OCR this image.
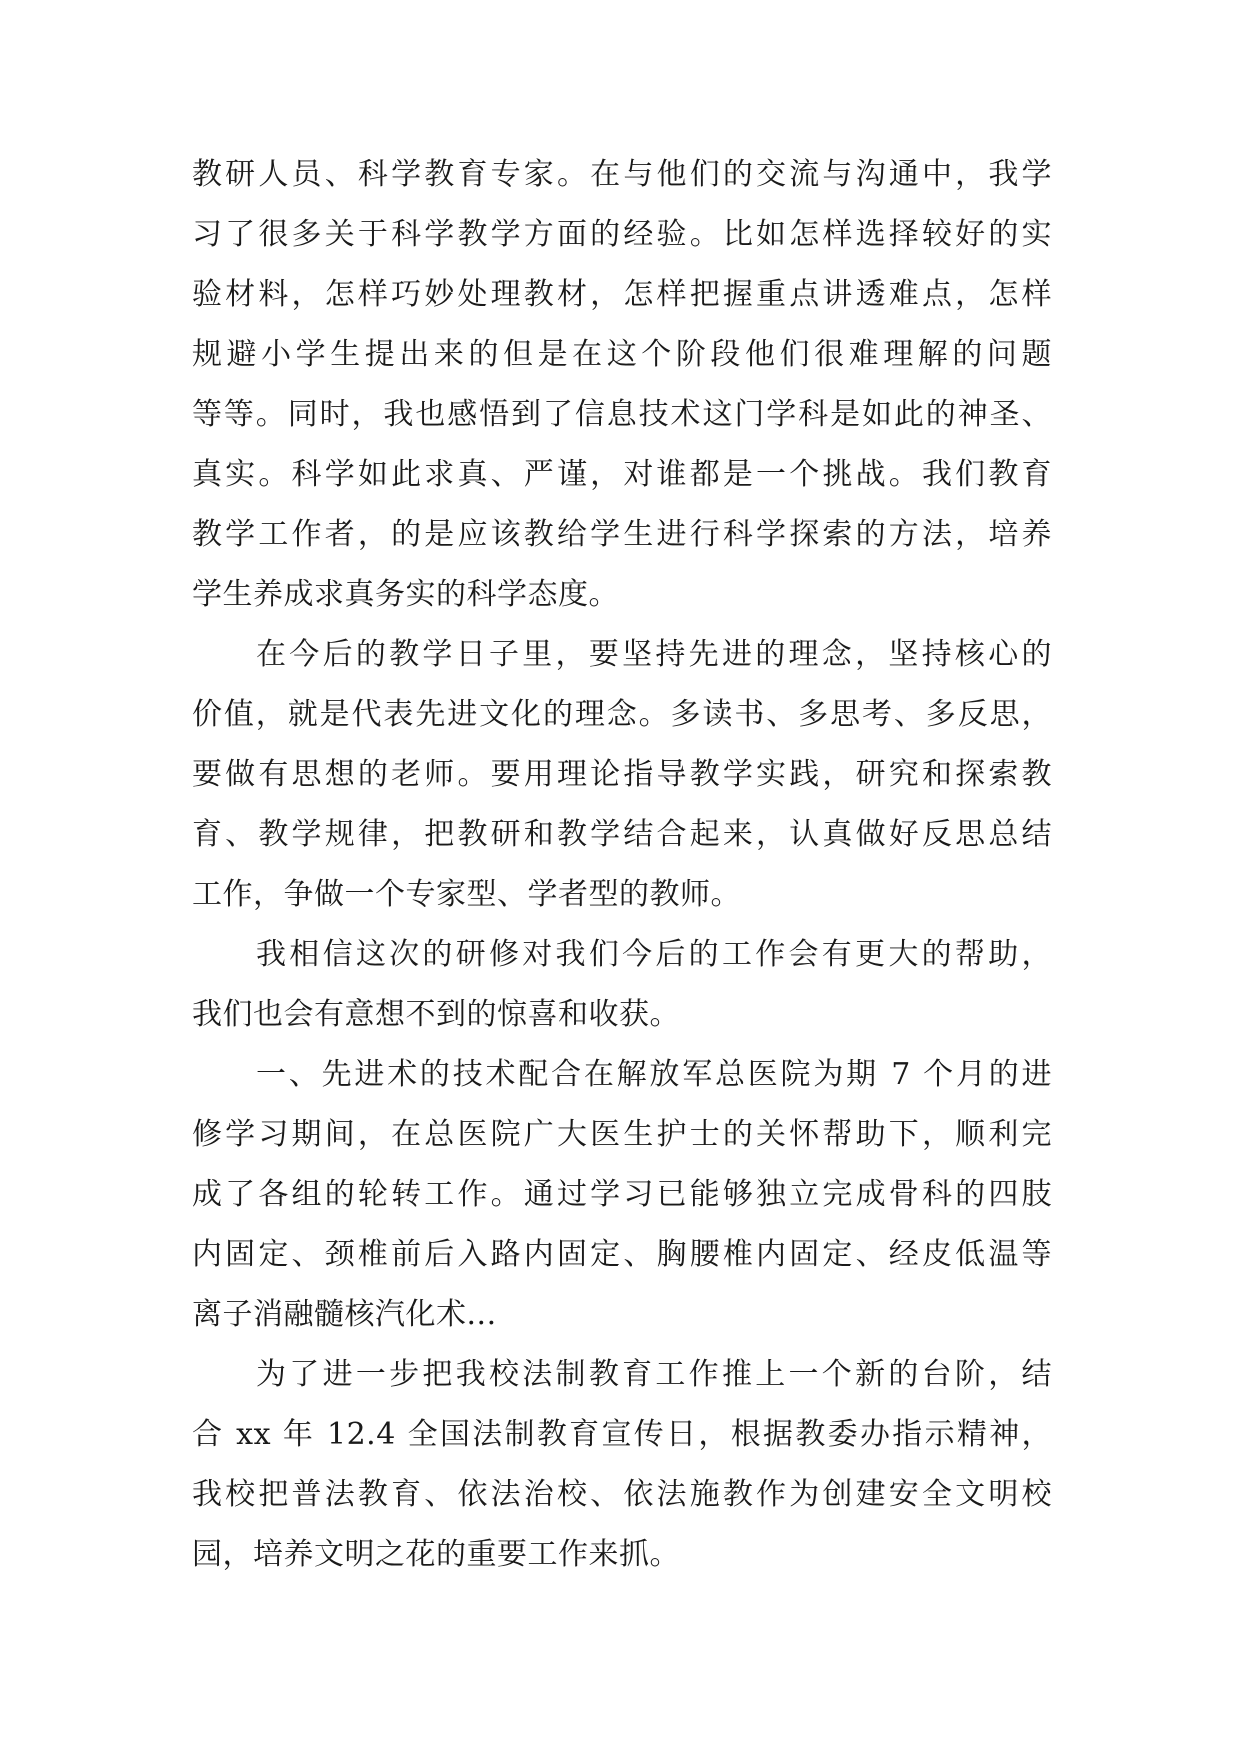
教研人员、科学教育专家。在与他们的交流与沟通中，我学
习了很多关于科学教学方面的经验。比如怎样选择较好的实
验材料，怎样巧妙处理教材，怎样把握重点讲透难点，怎样
规避小学生提出来的但是在这个阶段他们很难理解的问题
等等。同时，我也感悟到了信息技术这门学科是如此的神圣、
真实。科学如此求真、严谨，对谁都是一个挑战。我们教育
教学工作者，的是应该教给学生进行科学探索的方法，培养
学生养成求真务实的科学态度。
在今后的教学日子里，要坚持先进的理念，坚持核心的
价值，就是代表先进文化的理念。多读书、多思考、多反思，
要做有思想的老师。要用理论指导教学实践，研究和探索教
育、教学规律，把教研和教学结合起来，认真做好反思总结
工作，争做一个专家型、学者型的教师。
我相信这次的研修对我们今后的工作会有更大的帮助，
我们也会有意想不到的惊喜和收获。
一、先进术的技术配合在解放军总医院为期 7 个月的进
修学习期间，在总医院广大医生护士的关怀帮助下，顺利完
成了各组的轮转工作。通过学习已能够独立完成骨科的四肢
内固定、颈椎前后入路内固定、胸腰椎内固定、经皮低温等
离子消融髓核汽化术...
为了进一步把我校法制教育工作推上一个新的台阶，结
合 xx 年 12.4 全国法制教育宣传日，根据教委办指示精神，
我校把普法教育、依法治校、依法施教作为创建安全文明校
园，培养文明之花的重要工作来抓。
